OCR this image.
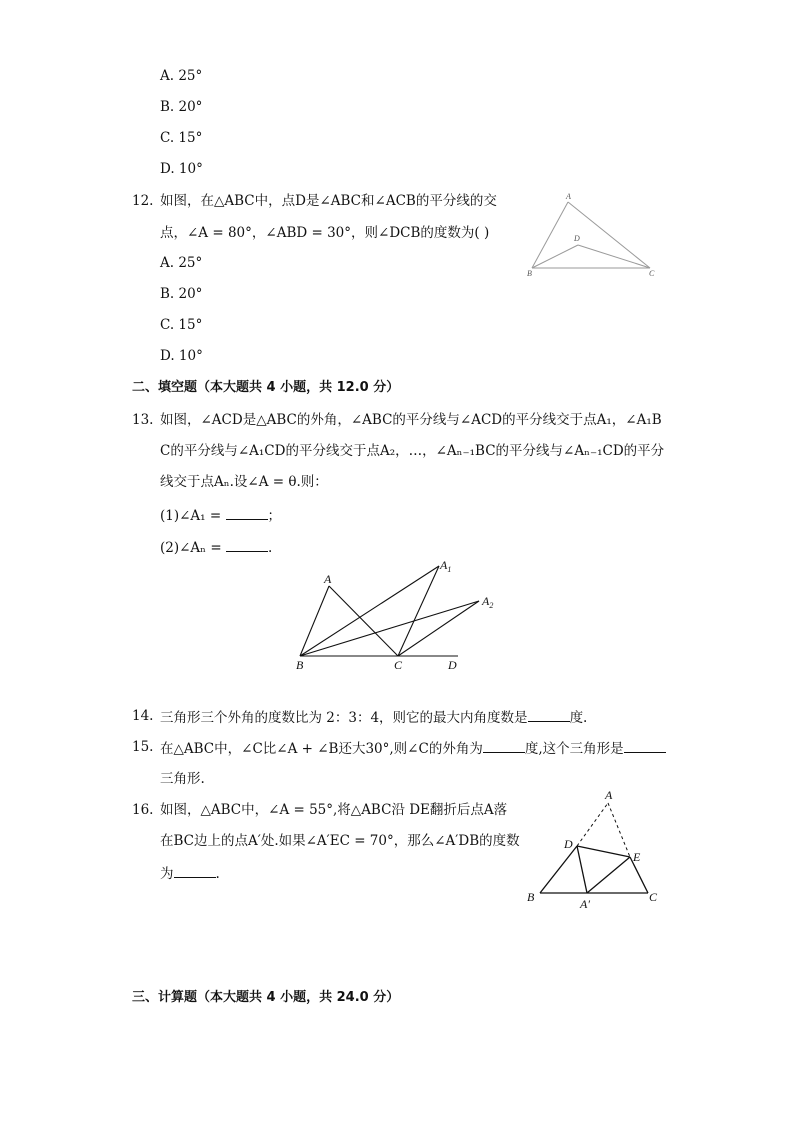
A. 25°
B. 20°
C. 15°
D. 10°
12. 如图，在△ABC中，点D是∠ABC和∠ACB的平分线的交
点，∠A = 80°，∠ABD = 30°，则∠DCB的度数为( )
A. 25°
B. 20°
C. 15°
D. 10°
A
B	C
D
二、填空题（本大题共 4 小题，共 12.0 分）
13. 如图，∠ACD是△ABC的外角，∠ABC的平分线与∠ACD的平分线交于点A₁，∠A₁B
C的平分线与∠A₁CD的平分线交于点A₂，…，∠Aₙ₋₁BC的平分线与∠Aₙ₋₁CD的平分
线交于点Aₙ.设∠A = θ.则：
(1)∠A₁ =	；
(2)∠Aₙ =	.
A
$A_1$
$A_2$
B	C	D
14. 三角形三个外角的度数比为 2：3：4，则它的最大内角度数是	度.
15. 在△ABC中，∠C比∠A + ∠B还大30°,则∠C的外角为	度,这个三角形是
三角形.
16. 如图，△ABC中，∠A = 55°,将△ABC沿 DE翻折后点A落
在BC边上的点A′处.如果∠A′EC = 70°，那么∠A′DB的度数
为	.
A
B	C
D
E
A′
三、计算题（本大题共 4 小题，共 24.0 分）
